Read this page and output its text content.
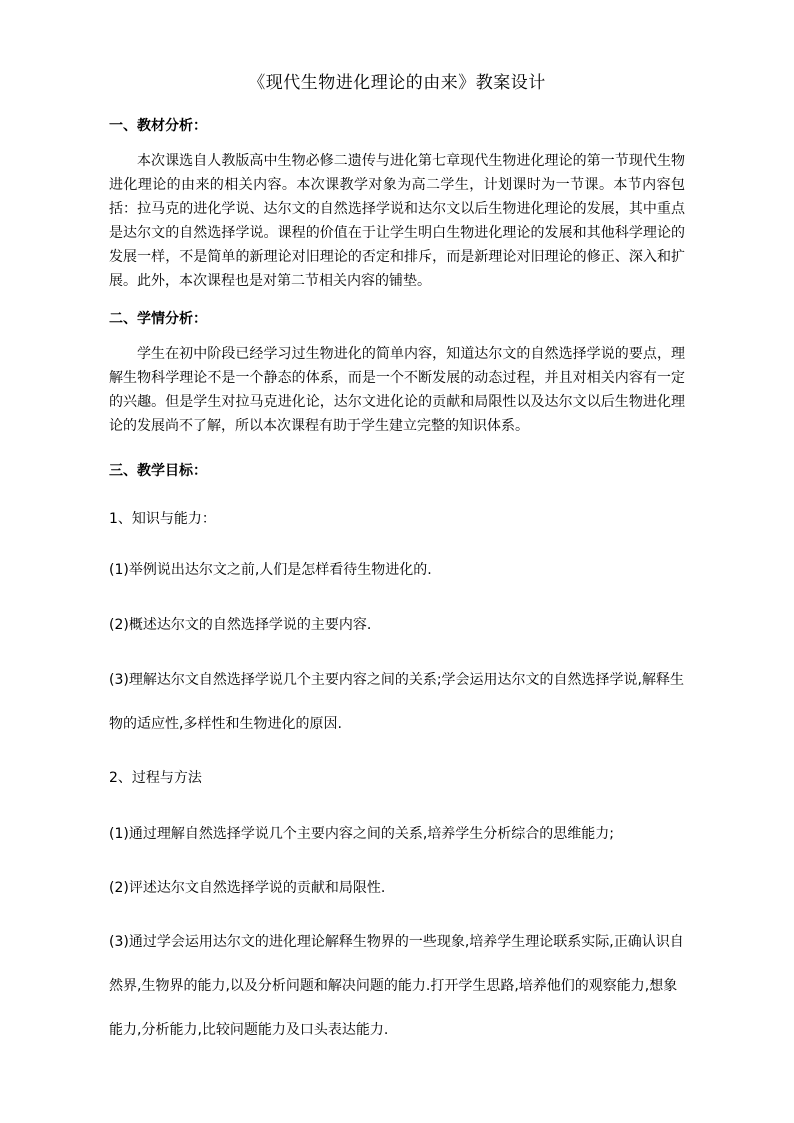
《现代生物进化理论的由来》教案设计
一、教材分析：

本次课选自人教版高中生物必修二遗传与进化第七章现代生物进化理论的第一节现代生物进化理论的由来的相关内容。本次课教学对象为高二学生，计划课时为一节课。本节内容包括：拉马克的进化学说、达尔文的自然选择学说和达尔文以后生物进化理论的发展，其中重点是达尔文的自然选择学说。课程的价值在于让学生明白生物进化理论的发展和其他科学理论的发展一样，不是简单的新理论对旧理论的否定和排斥，而是新理论对旧理论的修正、深入和扩展。此外，本次课程也是对第二节相关内容的铺垫。

二、学情分析：

学生在初中阶段已经学习过生物进化的简单内容，知道达尔文的自然选择学说的要点，理解生物科学理论不是一个静态的体系，而是一个不断发展的动态过程，并且对相关内容有一定的兴趣。但是学生对拉马克进化论，达尔文进化论的贡献和局限性以及达尔文以后生物进化理论的发展尚不了解，所以本次课程有助于学生建立完整的知识体系。

三、教学目标：
1、知识与能力：
(1)举例说出达尔文之前,人们是怎样看待生物进化的.
(2)概述达尔文的自然选择学说的主要内容.
(3)理解达尔文自然选择学说几个主要内容之间的关系;学会运用达尔文的自然选择学说,解释生物的适应性,多样性和生物进化的原因.
2、过程与方法
(1)通过理解自然选择学说几个主要内容之间的关系,培养学生分析综合的思维能力;
(2)评述达尔文自然选择学说的贡献和局限性.
(3)通过学会运用达尔文的进化理论解释生物界的一些现象,培养学生理论联系实际,正确认识自然界,生物界的能力,以及分析问题和解决问题的能力.打开学生思路,培养他们的观察能力,想象能力,分析能力,比较问题能力及口头表达能力.
